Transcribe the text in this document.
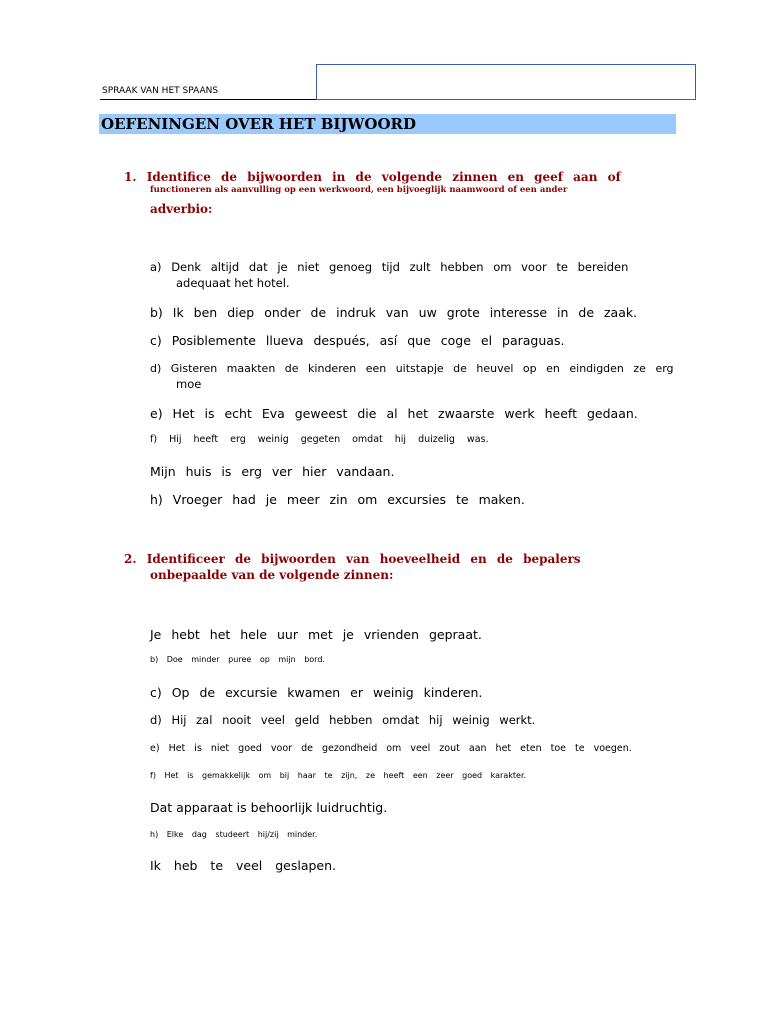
SPRAAK VAN HET SPAANS
OEFENINGEN OVER HET BIJWOORD
1. Identifice de bijwoorden in de volgende zinnen en geef aan of
functioneren als aanvulling op een werkwoord, een bijvoeglijk naamwoord of een ander
adverbio:
a) Denk altijd dat je niet genoeg tijd zult hebben om voor te bereiden
adequaat het hotel.
b) Ik ben diep onder de indruk van uw grote interesse in de zaak.
c) Posiblemente llueva después, así que coge el paraguas.
d) Gisteren maakten de kinderen een uitstapje de heuvel op en eindigden ze erg
moe
e) Het is echt Eva geweest die al het zwaarste werk heeft gedaan.
f) Hij heeft erg weinig gegeten omdat hij duizelig was.
Mijn huis is erg ver hier vandaan.
h) Vroeger had je meer zin om excursies te maken.
2. Identificeer de bijwoorden van hoeveelheid en de bepalers
onbepaalde van de volgende zinnen:
Je hebt het hele uur met je vrienden gepraat.
b) Doe minder puree op mijn bord.
c) Op de excursie kwamen er weinig kinderen.
d) Hij zal nooit veel geld hebben omdat hij weinig werkt.
e) Het is niet goed voor de gezondheid om veel zout aan het eten toe te voegen.
f) Het is gemakkelijk om bij haar te zijn, ze heeft een zeer goed karakter.
Dat apparaat is behoorlijk luidruchtig.
h) Elke dag studeert hij/zij minder.
Ik heb te veel geslapen.
